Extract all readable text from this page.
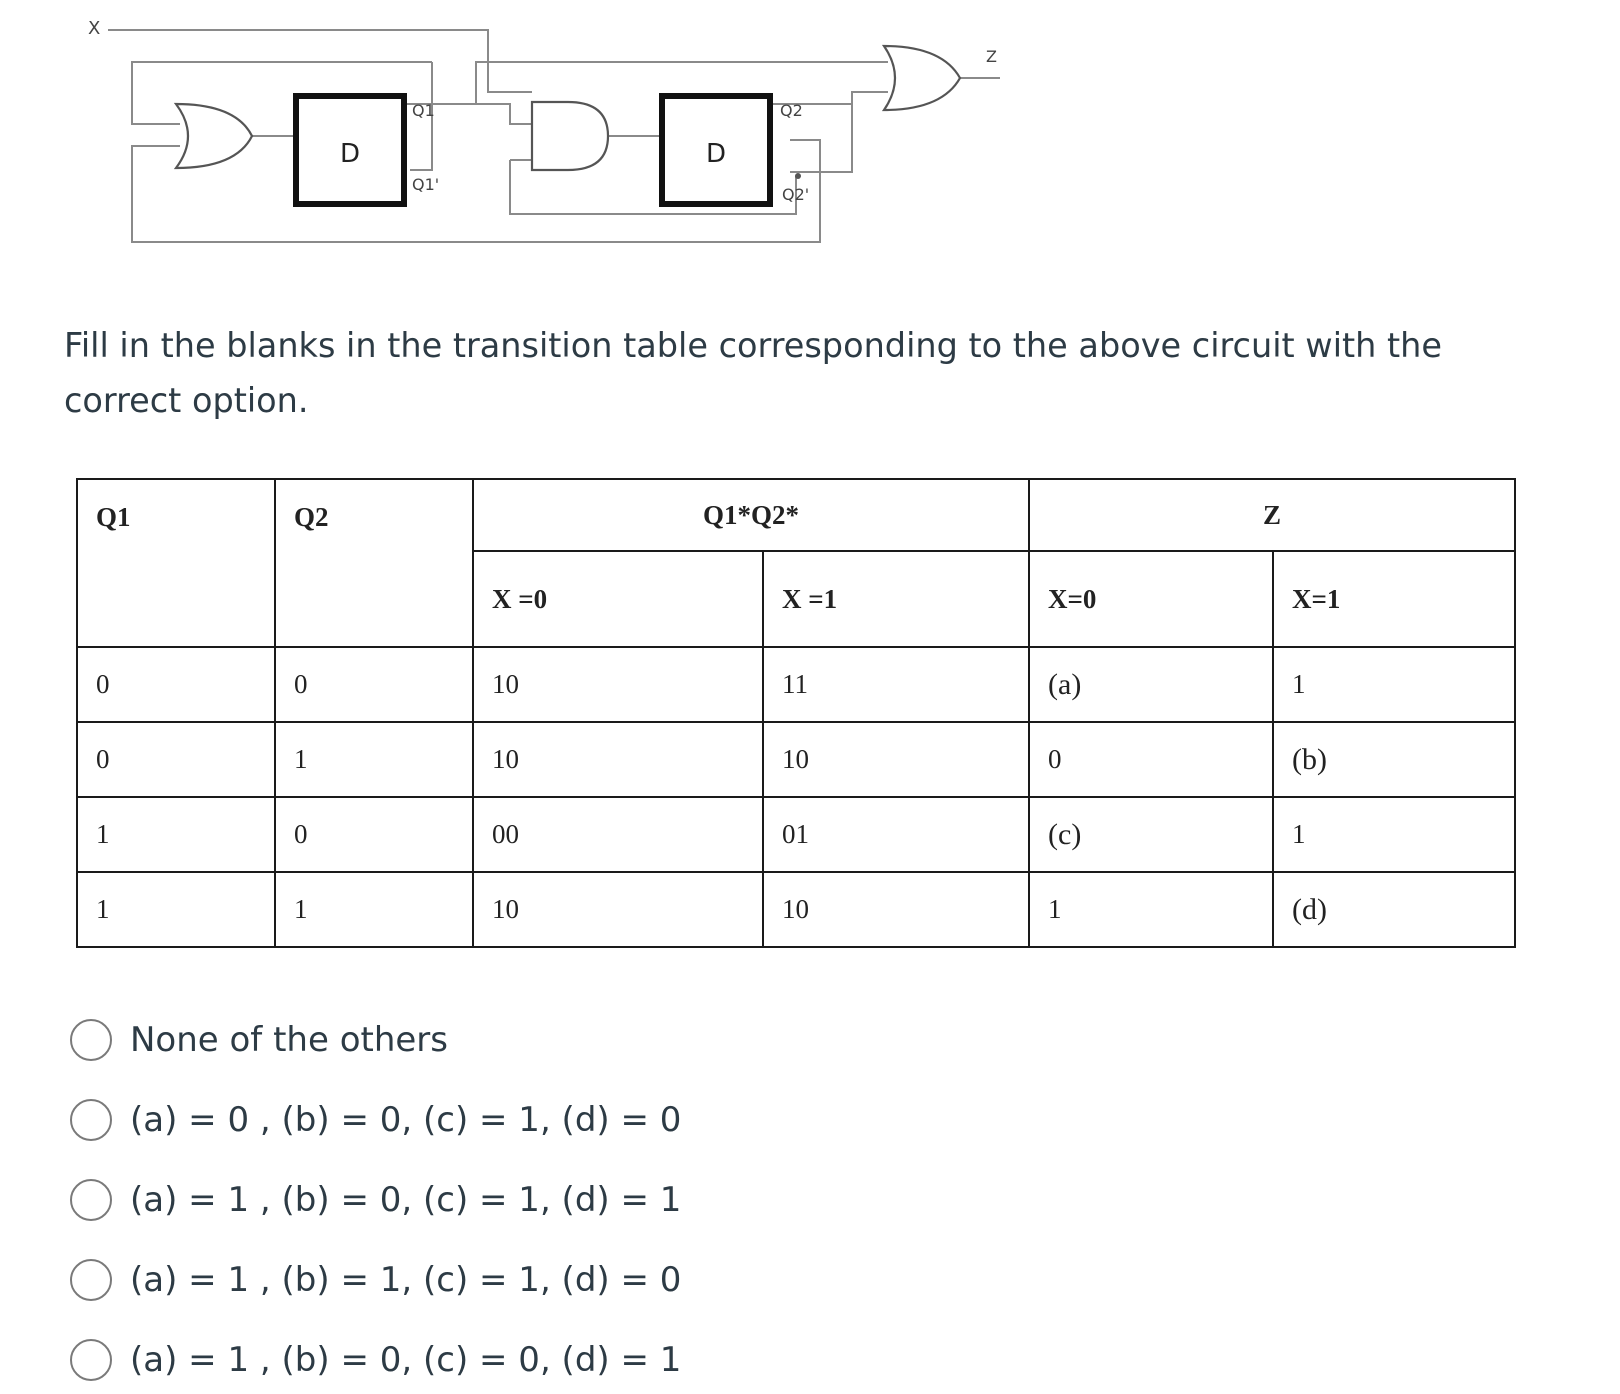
D
Q1
Q1'
D
Q2
Q2'
X
Z
Fill in the blanks in the transition table corresponding to the above circuit with the correct option.
Q1	Q2	Q1*Q2*		Z	
		X =0	X =1	X=0	X=1
0	0	10	11	(a)	1
0	1	10	10	0	(b)
1	0	00	01	(c)	1
1	1	10	10	1	(d)
None of the others
(a) = 0 , (b) = 0, (c) = 1, (d) = 0
(a) = 1 , (b) = 0, (c) = 1, (d) = 1
(a) = 1 , (b) = 1, (c) = 1, (d) = 0
(a) = 1 , (b) = 0, (c) = 0, (d) = 1
